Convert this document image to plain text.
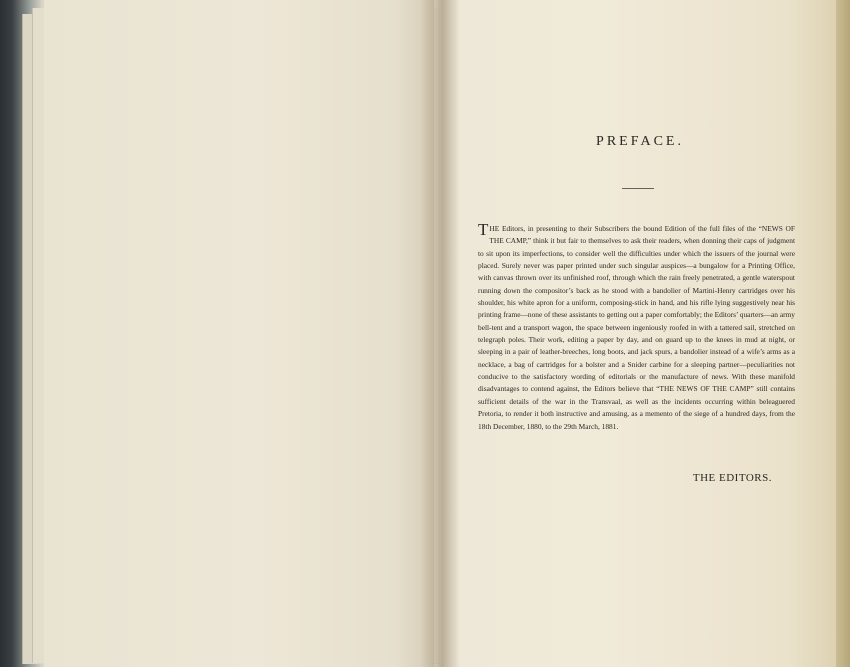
PREFACE.

THE Editors, in presenting to their Subscribers the bound Edition of the full files of the “NEWS OF THE CAMP,” think it but fair to themselves to ask their readers, when donning their caps of judgment to sit upon its imperfections, to consider well the difficulties under which the issuers of the journal were placed. Surely never was paper printed under such singular auspices—a bungalow for a Printing Office, with canvas thrown over its unfinished roof, through which the rain freely penetrated, a gentle waterspout running down the compositor’s back as he stood with a bandolier of Martini-Henry cartridges over his shoulder, his white apron for a uniform, composing-stick in hand, and his rifle lying suggestively near his printing frame—none of these assistants to getting out a paper comfortably; the Editors’ quarters—an army bell-tent and a transport wagon, the space between ingeniously roofed in with a tattered sail, stretched on telegraph poles. Their work, editing a paper by day, and on guard up to the knees in mud at night, or sleeping in a pair of leather-breeches, long boots, and jack spurs, a bandolier instead of a wife’s arms as a necklace, a bag of cartridges for a bolster and a Snider carbine for a sleeping partner—peculiarities not conducive to the satisfactory wording of editorials or the manufacture of news. With these manifold disadvantages to contend against, the Editors believe that “THE NEWS OF THE CAMP” still contains sufficient details of the war in the Transvaal, as well as the incidents occurring within beleaguered Pretoria, to render it both instructive and amusing, as a memento of the siege of a hundred days, from the 18th December, 1880, to the 29th March, 1881.

THE EDITORS.
